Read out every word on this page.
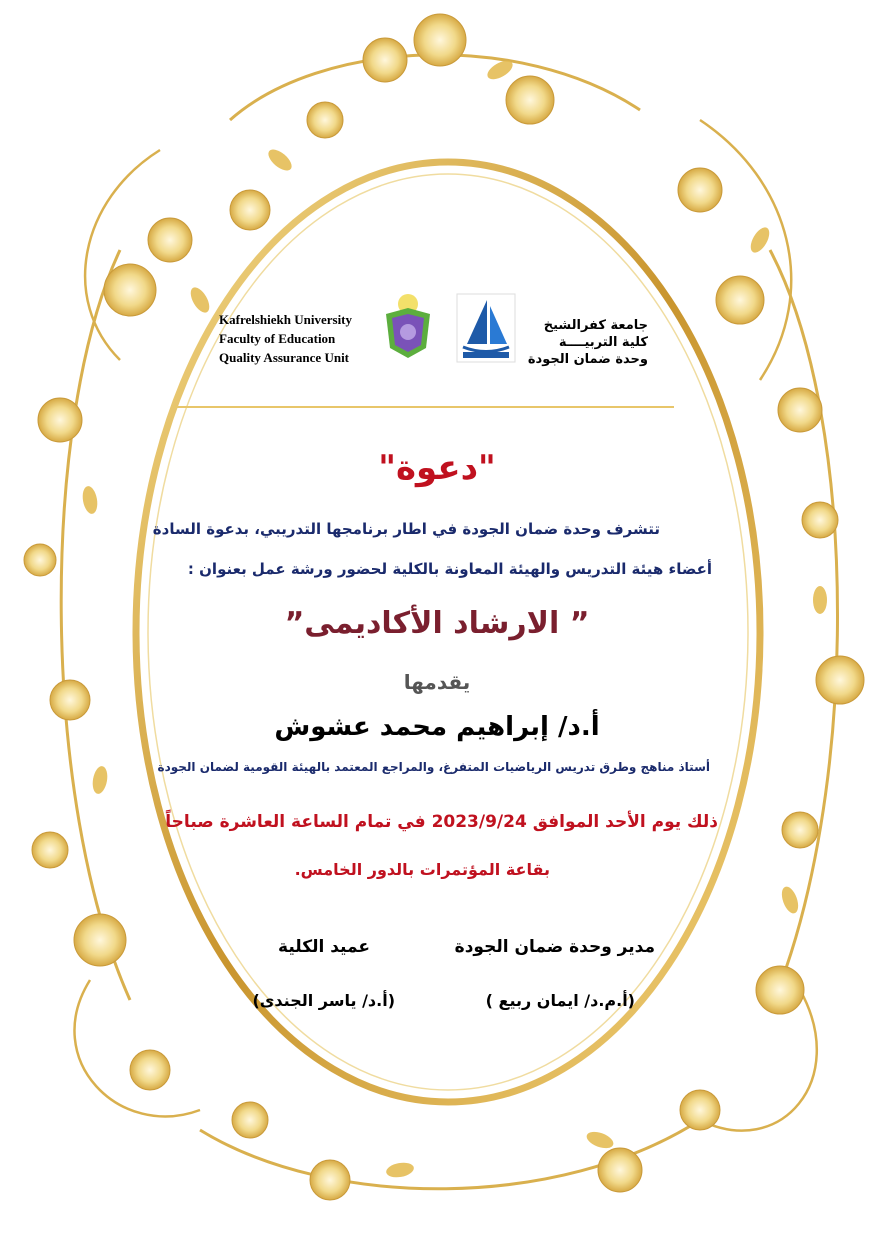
جامعة كفرالشيخ
كلية التربيــــة
وحدة ضمان الجودة
Kafrelshiekh University
Faculty of Education
Quality Assurance Unit
"دعوة"
تتشرف وحدة ضمان الجودة في اطار برنامجها التدريبي، بدعوة السادة
أعضاء هيئة التدريس والهيئة المعاونة بالكلية لحضور ورشة عمل بعنوان :
”الارشاد الأكاديمى ”
يقدمها
أ.د/ إبراهيم محمد عشوش
أستاذ مناهج وطرق تدريس الرياضيات المتفرغ، والمراجع المعتمد بالهيئة القومية لضمان الجودة
ذلك يوم الأحد الموافق 2023/9/24 في تمام الساعة العاشرة صباحاً
بقاعة المؤتمرات بالدور الخامس.
مدير وحدة ضمان الجودة
عميد الكلية
(أ.م.د/ ايمان ربيع )
(أ.د/ ياسر الجندى)
